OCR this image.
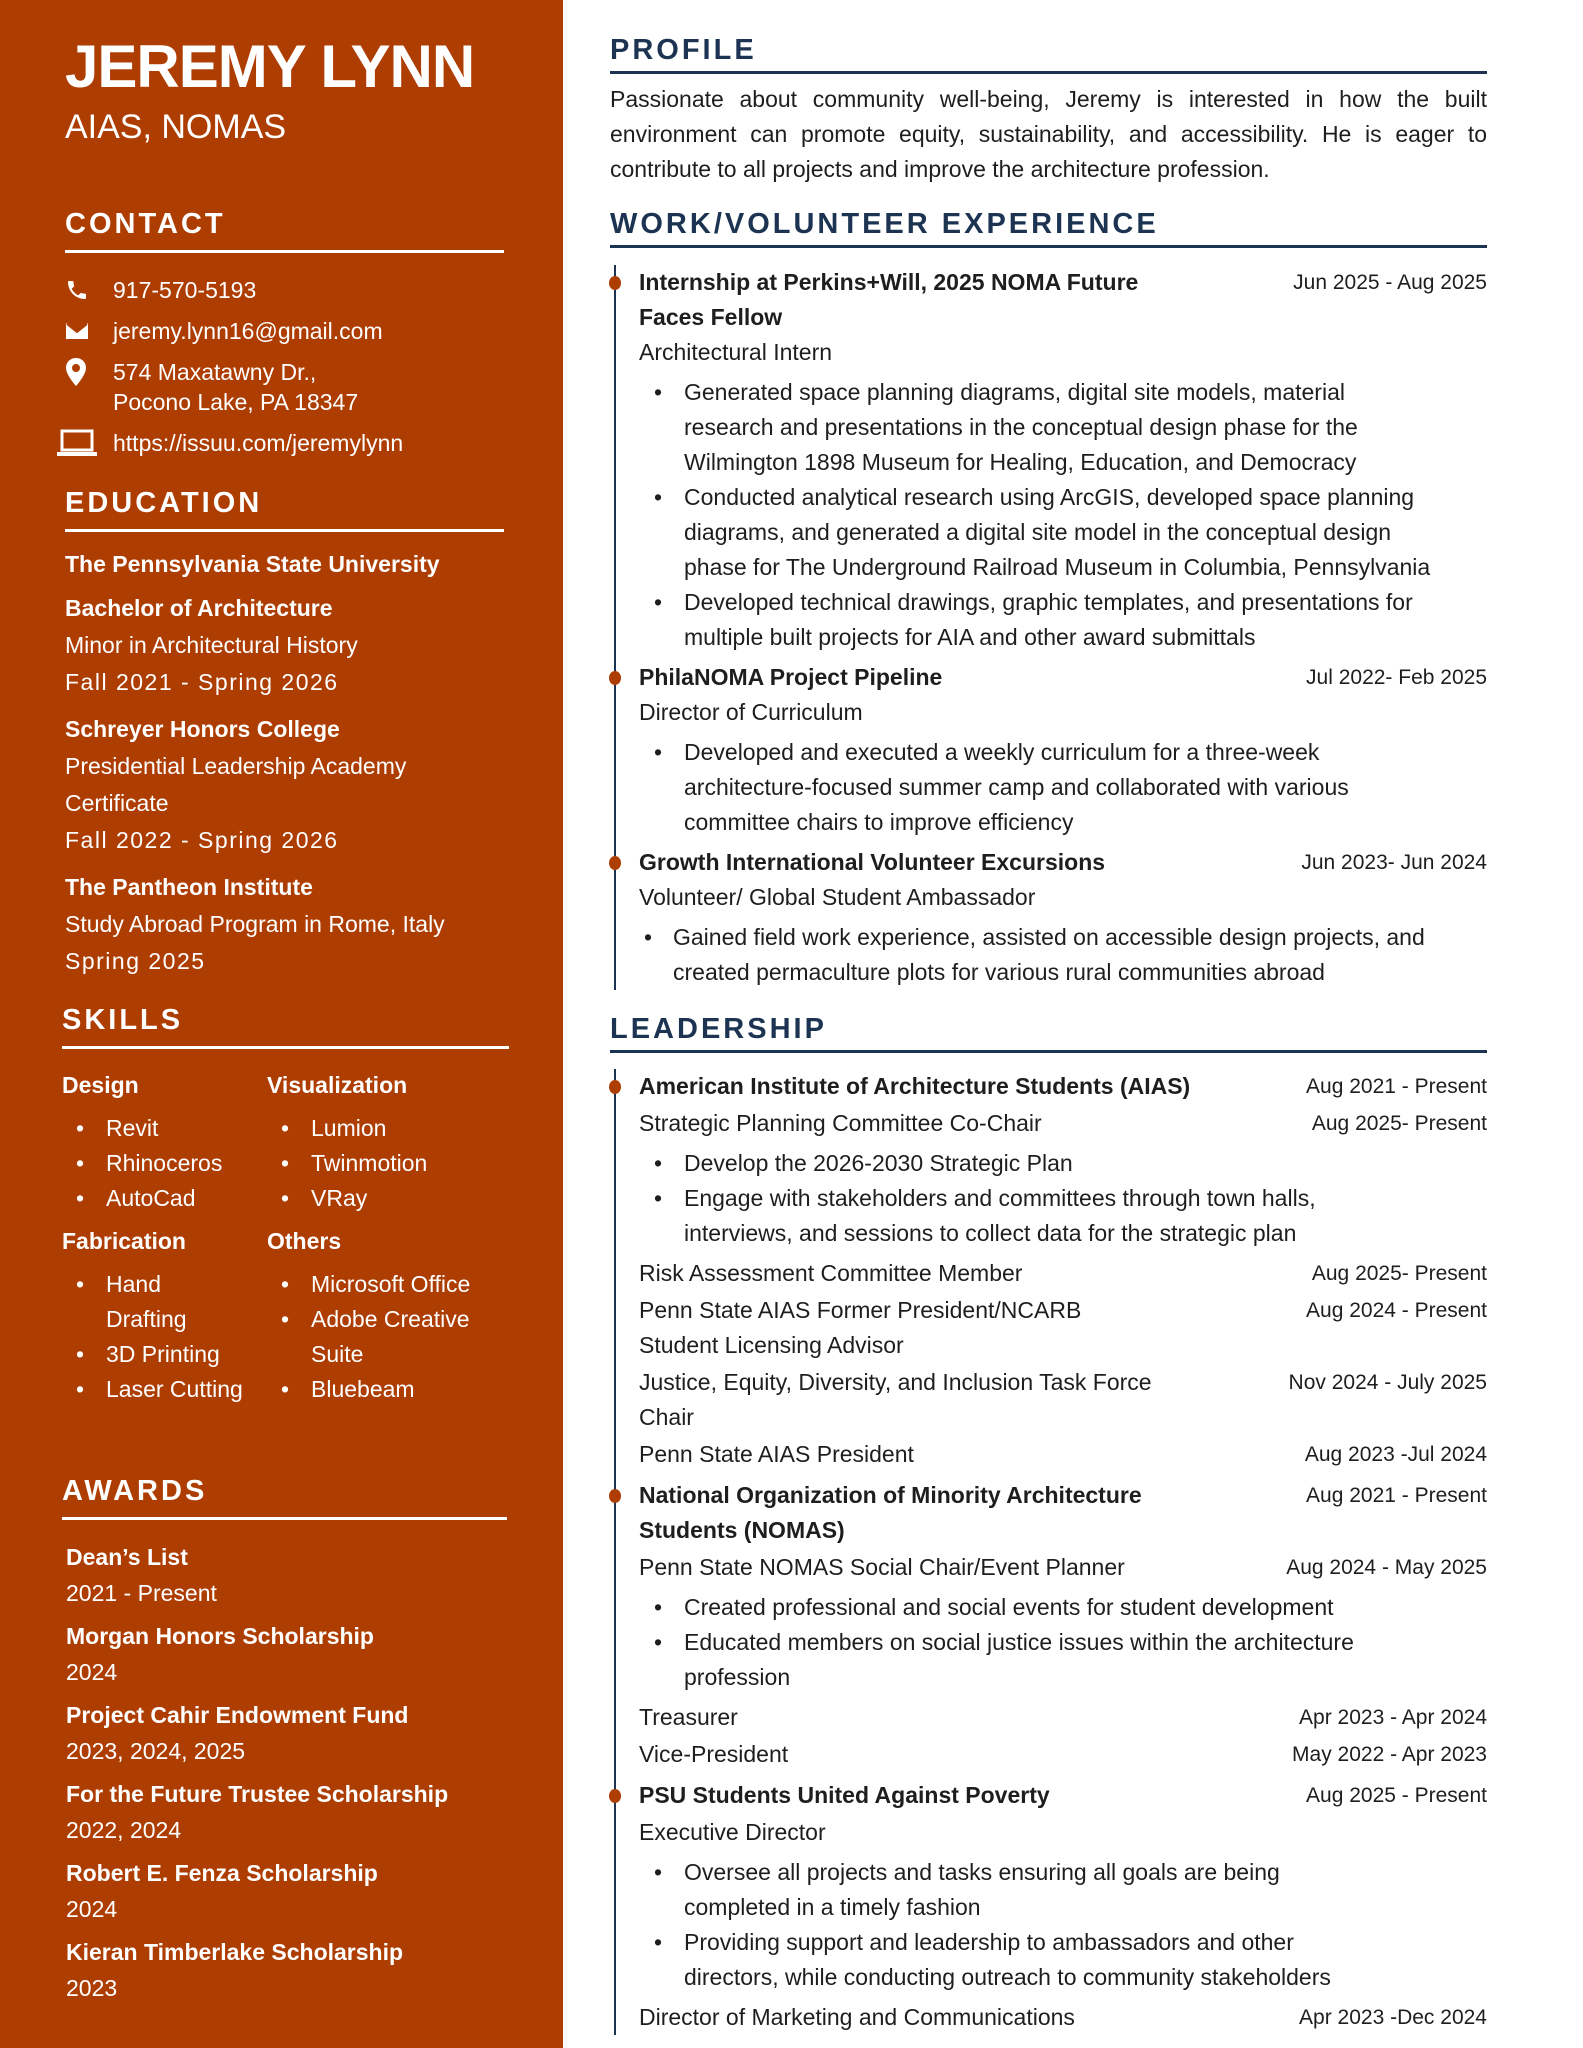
JEREMY LYNN
AIAS, NOMAS
CONTACT
917-570-5193
jeremy.lynn16@gmail.com
574 Maxatawny Dr.,
Pocono Lake, PA 18347
https://issuu.com/jeremylynn
EDUCATION
The Pennsylvania State University
Bachelor of Architecture
Minor in Architectural History
Fall 2021 - Spring 2026
Schreyer Honors College
Presidential Leadership Academy Certificate
Fall 2022 - Spring 2026
The Pantheon Institute
Study Abroad Program in Rome, Italy
Spring 2025
SKILLS
Design
• Revit
• Rhinoceros
• AutoCad
Visualization
• Lumion
• Twinmotion
• VRay
Fabrication
• Hand
Drafting
• 3D Printing
• Laser Cutting
Others
• Microsoft Office
• Adobe Creative
Suite
• Bluebeam
AWARDS
Dean’s List
2021 - Present
Morgan Honors Scholarship
2024
Project Cahir Endowment Fund
2023, 2024, 2025
For the Future Trustee Scholarship
2022, 2024
Robert E. Fenza Scholarship
2024
Kieran Timberlake Scholarship
2023
PROFILE

Passionate about community well-being, Jeremy is interested in how the built environment can promote equity, sustainability, and accessibility. He is eager to contribute to all projects and improve the architecture profession.

WORK/VOLUNTEER EXPERIENCE
Internship at Perkins+Will, 2025 NOMA Future
Faces Fellow
Jun 2025 - Aug 2025
Architectural Intern
• Generated space planning diagrams, digital site models, material
research and presentations in the conceptual design phase for the
Wilmington 1898 Museum for Healing, Education, and Democracy
• Conducted analytical research using ArcGIS, developed space planning
diagrams, and generated a digital site model in the conceptual design
phase for The Underground Railroad Museum in Columbia, Pennsylvania
• Developed technical drawings, graphic templates, and presentations for
multiple built projects for AIA and other award submittals
PhilaNOMA Project Pipeline	Jul 2022- Feb 2025
Director of Curriculum
• Developed and executed a weekly curriculum for a three-week
architecture-focused summer camp and collaborated with various
committee chairs to improve efficiency
Growth International Volunteer Excursions	Jun 2023- Jun 2024
Volunteer/ Global Student Ambassador
• Gained field work experience, assisted on accessible design projects, and
created permaculture plots for various rural communities abroad
LEADERSHIP
American Institute of Architecture Students (AIAS)	Aug 2021 - Present
Strategic Planning Committee Co-Chair	Aug 2025- Present
• Develop the 2026-2030 Strategic Plan
• Engage with stakeholders and committees through town halls,
interviews, and sessions to collect data for the strategic plan
Risk Assessment Committee Member	Aug 2025- Present
Penn State AIAS Former President/NCARB
Student Licensing Advisor
Aug 2024 - Present
Justice, Equity, Diversity, and Inclusion Task Force
Chair
Nov 2024 - July 2025
Penn State AIAS President	Aug 2023 -Jul 2024
National Organization of Minority Architecture
Students (NOMAS)
Aug 2021 - Present
Penn State NOMAS Social Chair/Event Planner	Aug 2024 - May 2025
• Created professional and social events for student development
• Educated members on social justice issues within the architecture
profession
Treasurer	Apr 2023 - Apr 2024
Vice-President	May 2022 - Apr 2023
PSU Students United Against Poverty	Aug 2025 - Present
Executive Director
• Oversee all projects and tasks ensuring all goals are being
completed in a timely fashion
• Providing support and leadership to ambassadors and other
directors, while conducting outreach to community stakeholders
Director of Marketing and Communications	Apr 2023 -Dec 2024
